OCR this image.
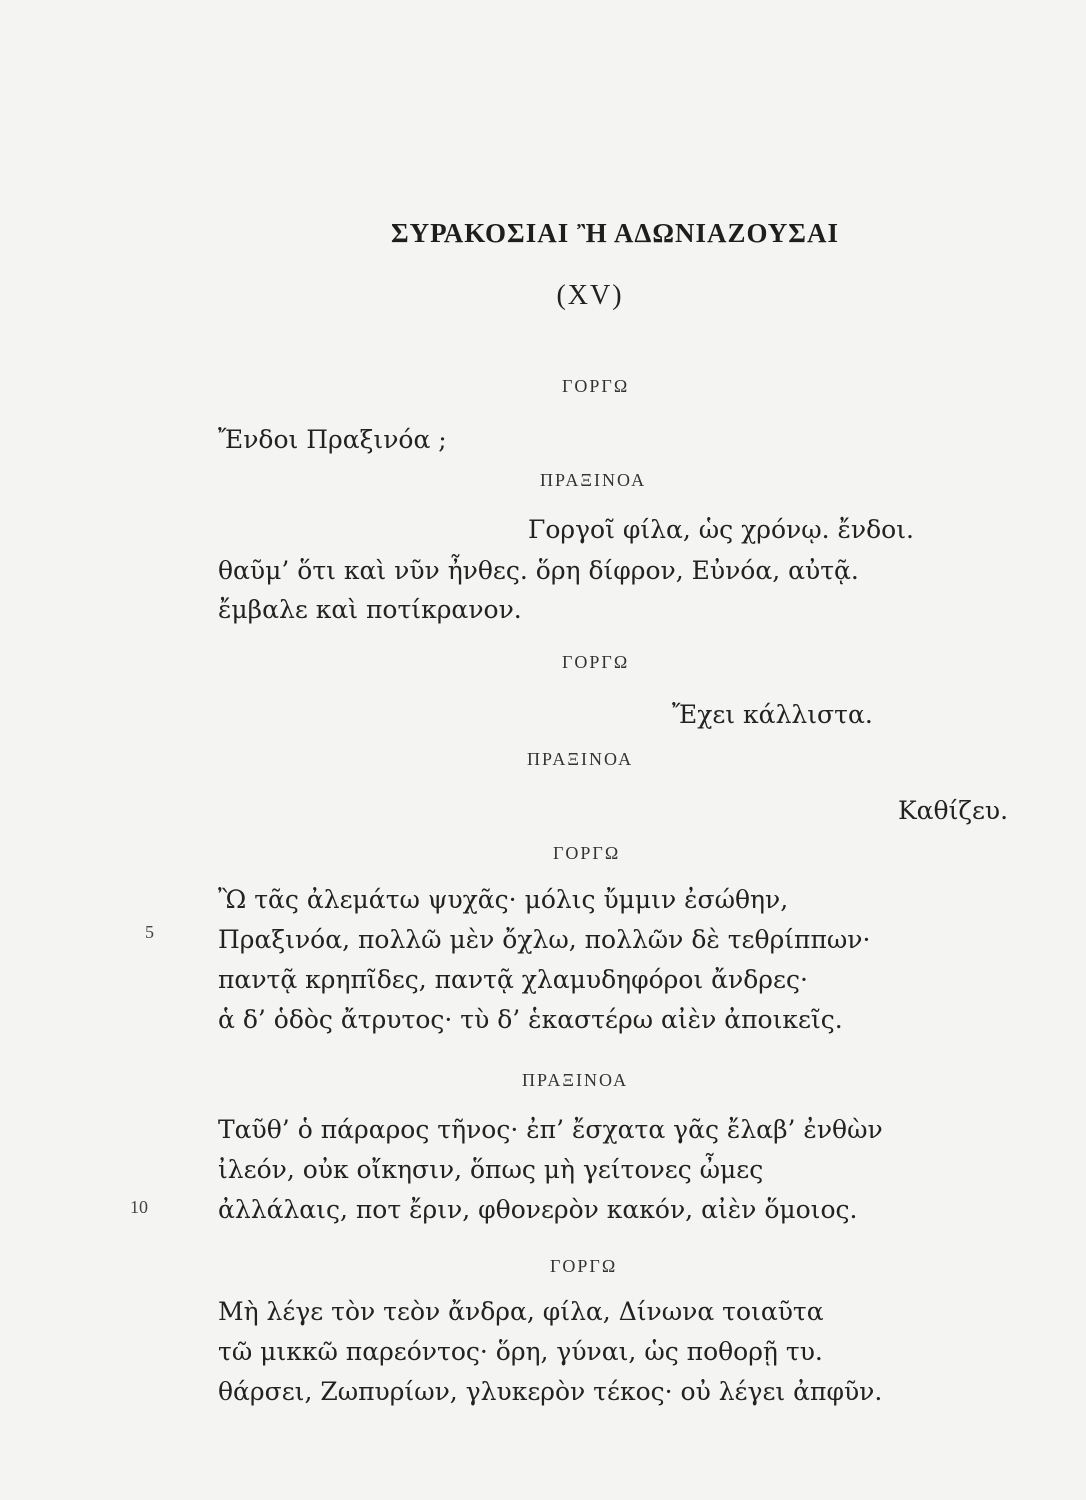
ΣΥΡΑΚΟΣΙΑΙ Ἢ ΑΔΩΝΙΑΖΟΥΣΑΙ
(XV)
ΓΟΡΓΩ
Ἔνδοι Πραξινόα ;
ΠΡΑΞΙΝΟΑ
Γοργοῖ φίλα, ὡς χρόνῳ. ἔνδοι.
θαῦμ’ ὅτι καὶ νῦν ἦνθες. ὅρη δίφρον, Εὐνόα, αὐτᾷ.
ἔμβαλε καὶ ποτίκρανον.
ΓΟΡΓΩ
Ἔχει κάλλιστα.
ΠΡΑΞΙΝΟΑ
Καθίζευ.
ΓΟΡΓΩ
Ὢ τᾶς ἀλεμάτω ψυχᾶς· μόλις ὔμμιν ἐσώθην,
5	Πραξινόα, πολλῶ μὲν ὄχλω, πολλῶν δὲ τεθρίππων·
παντᾷ κρηπῖδες, παντᾷ χλαμυδηφόροι ἄνδρες·
ἁ δ’ ὁδὸς ἄτρυτος· τὺ δ’ ἑκαστέρω αἰὲν ἀποικεῖς.
ΠΡΑΞΙΝΟΑ
Ταῦθ’ ὁ πάραρος τῆνος· ἐπ’ ἔσχατα γᾶς ἔλαβ’ ἐνθὼν
ἰλεόν, οὐκ οἴκησιν, ὅπως μὴ γείτονες ὦμες
10	ἀλλάλαις, ποτ ἔριν, φθονερὸν κακόν, αἰὲν ὅμοιος.
ΓΟΡΓΩ
Μὴ λέγε τὸν τεὸν ἄνδρα, φίλα, Δίνωνα τοιαῦτα
τῶ μικκῶ παρεόντος· ὅρη, γύναι, ὡς ποθορῇ τυ.
θάρσει, Ζωπυρίων, γλυκερὸν τέκος· οὐ λέγει ἀπφῦν.
